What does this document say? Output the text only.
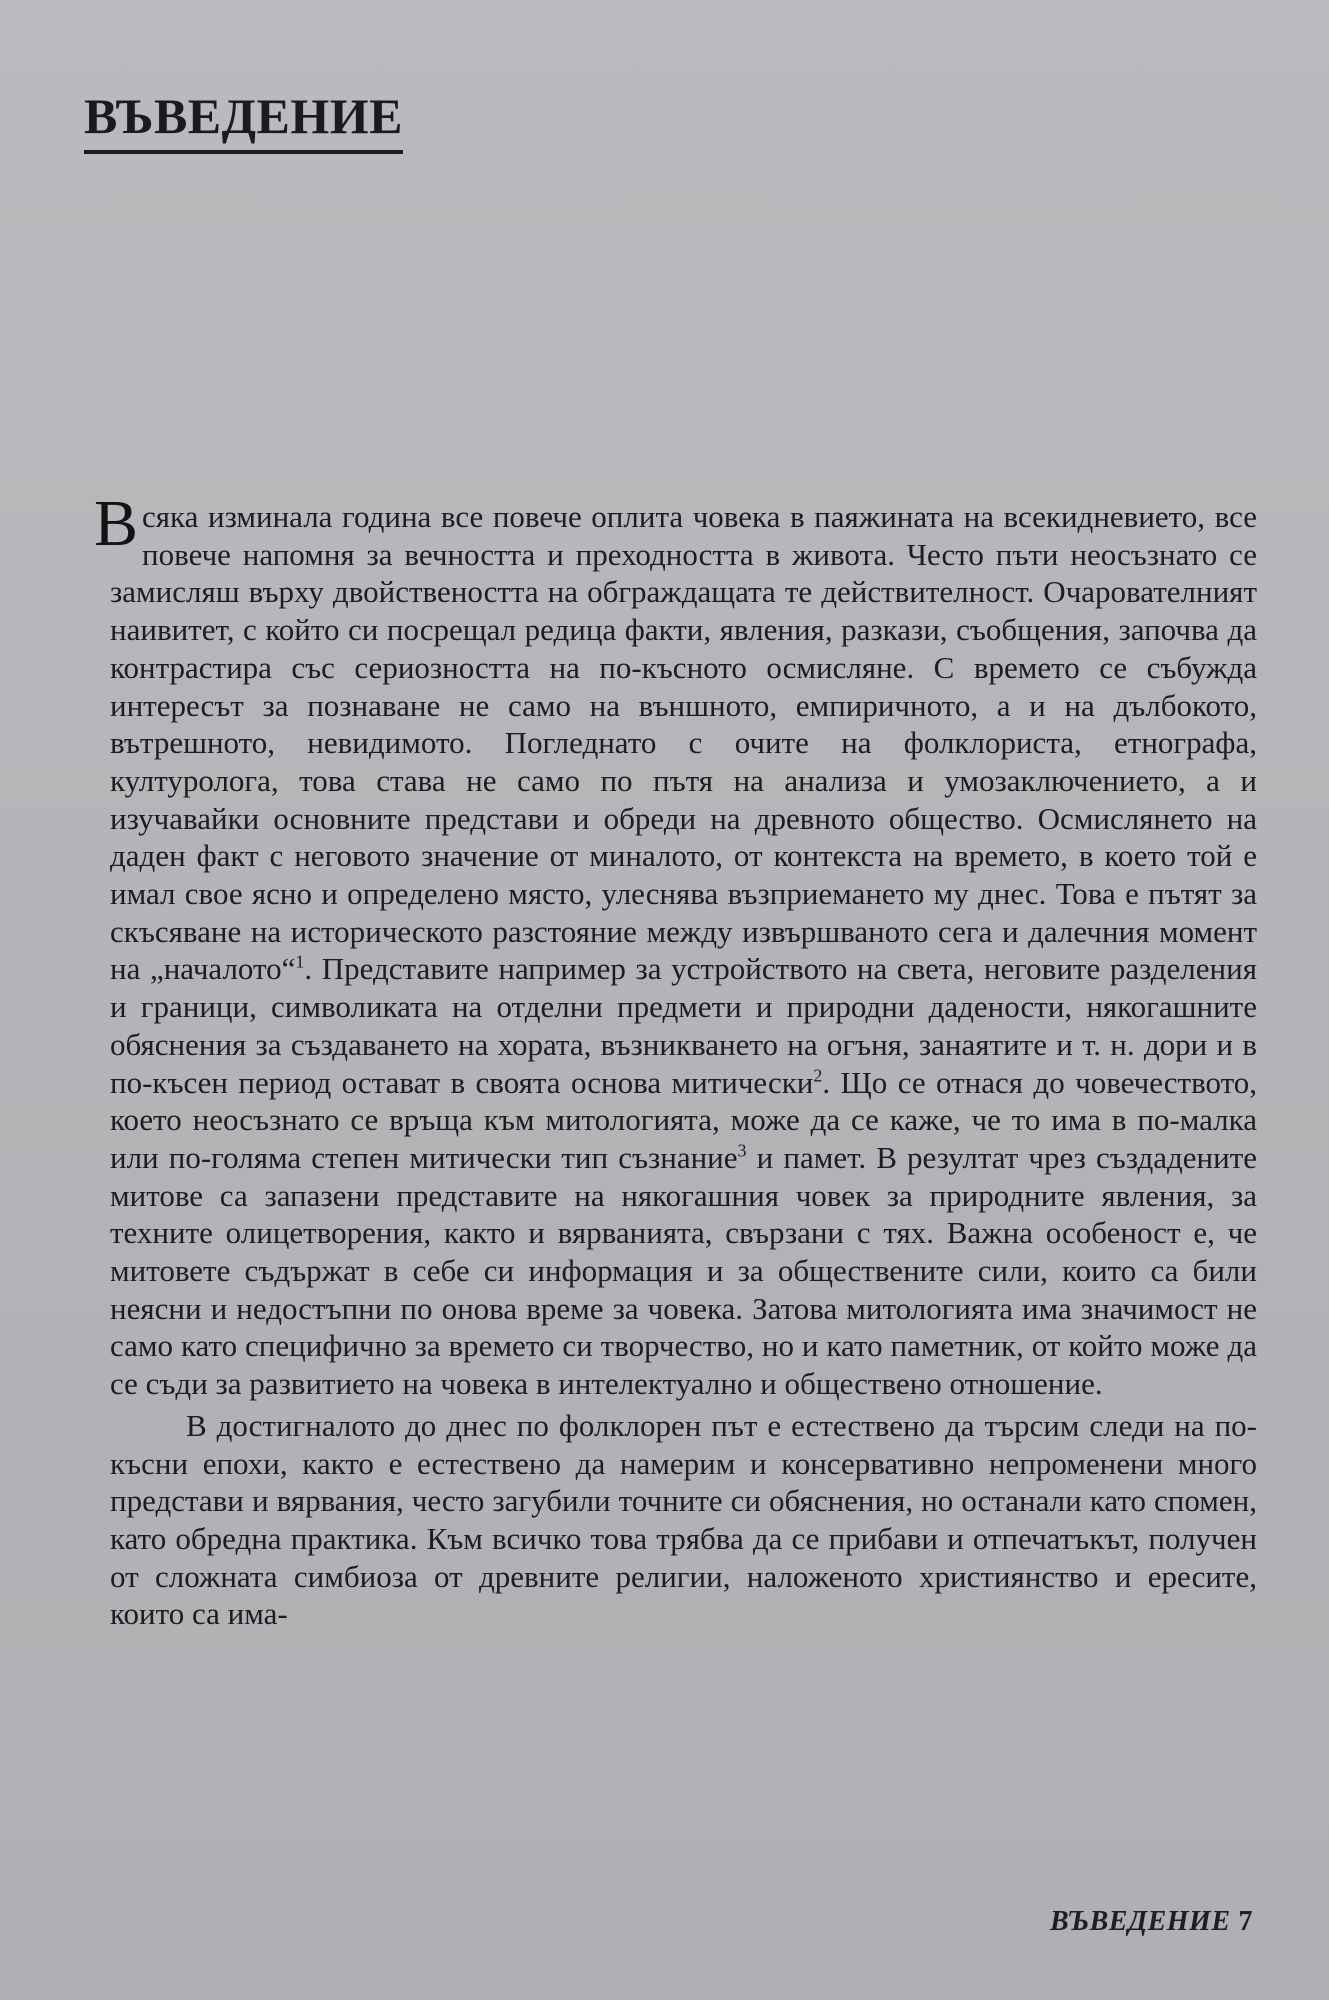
ВЪВЕДЕНИЕ

Всяка изминала година все повече оплита човека в паяжината на всекидневието, все повече напомня за вечността и преходността в живота. Често пъти неосъзнато се замисляш върху двойствеността на обграждащата те действителност. Очарователният наивитет, с който си посрещал редица факти, явления, разкази, съобщения, започва да контрастира със сериозността на по-късното осмисляне. С времето се събужда интересът за познаване не само на външното, емпиричното, а и на дълбокото, вътрешното, невидимото. Погледнато с очите на фолклориста, етнографа, културолога, това става не само по пътя на анализа и умозаключението, а и изучавайки основните представи и обреди на древното общество. Осмислянето на даден факт с неговото значение от миналото, от контекста на времето, в което той е имал свое ясно и определено място, улеснява възприемането му днес. Това е пътят за скъсяване на историческото разстояние между извършваното сега и далечния момент на „началото“$^1$. Представите например за устройството на света, неговите разделения и граници, символиката на отделни предмети и природни дадености, някогашните обяснения за създаването на хората, възникването на огъня, занаятите и т. н. дори и в по-късен период остават в своята основа митически$^2$. Що се отнася до човечеството, което неосъзнато се връща към митологията, може да се каже, че то има в по-малка или по-голяма степен митически тип съзнание$^3$ и памет. В резултат чрез създадените митове са запазени представите на някогашния човек за природните явления, за техните олицетворения, както и вярванията, свързани с тях. Важна особеност е, че митовете съдържат в себе си информация и за обществените сили, които са били неясни и недостъпни по онова време за човека. Затова митологията има значимост не само като специфично за времето си творчество, но и като паметник, от който може да се съди за развитието на човека в интелектуално и обществено отношение.

В достигналото до днес по фолклорен път е естествено да търсим следи на по-късни епохи, както е естествено да намерим и консервативно непроменени много представи и вярвания, често загубили точните си обяснения, но останали като спомен, като обредна практика. Към всичко това трябва да се прибави и отпечатъкът, получен от сложната симбиоза от древните религии, наложеното християнство и ересите, които са има-

ВЪВЕДЕНИЕ 7
